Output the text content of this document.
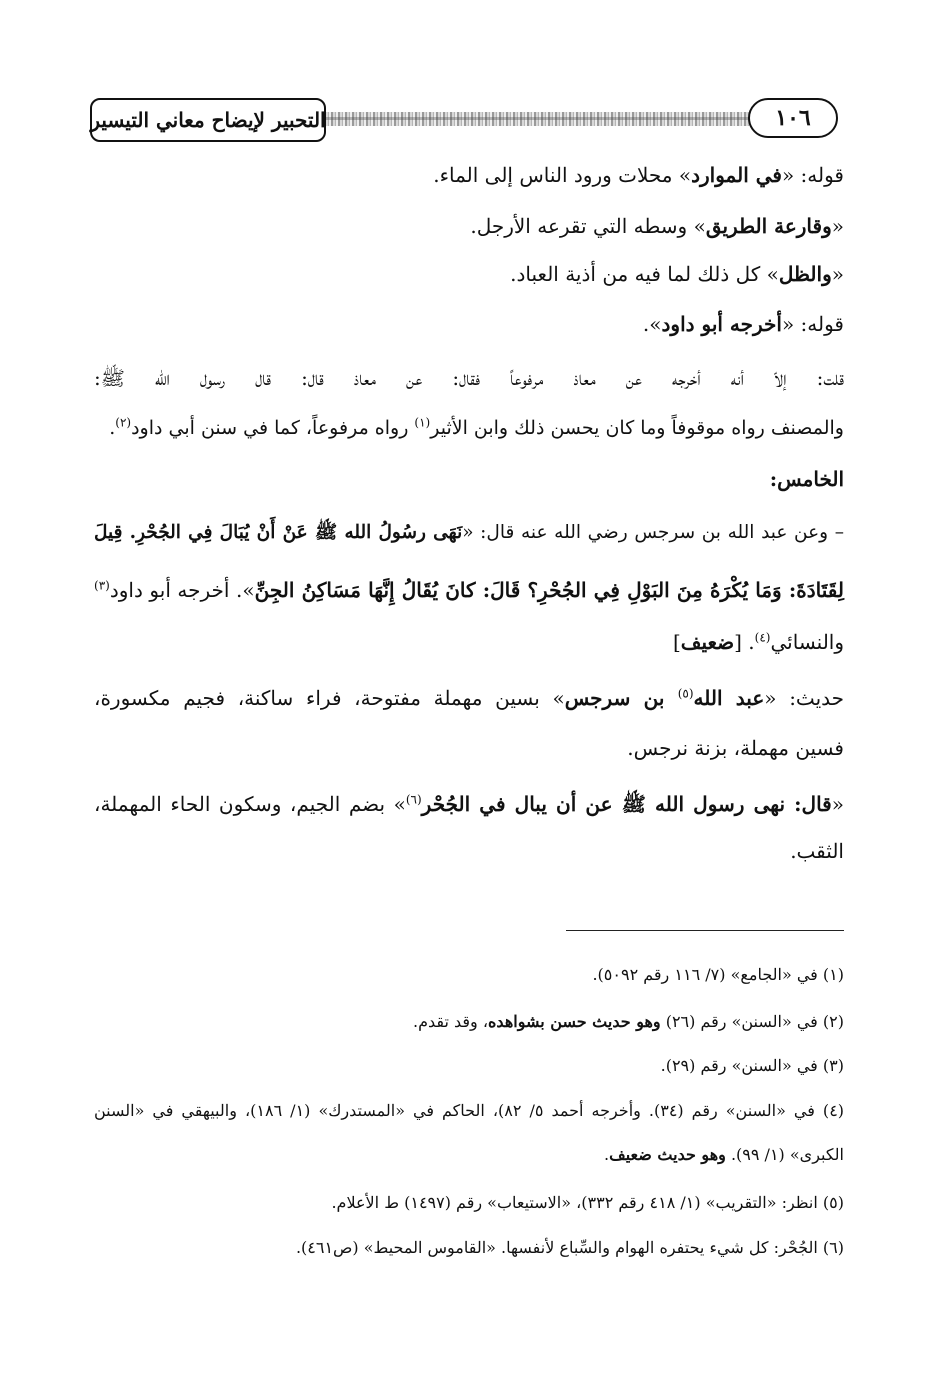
التحبير لإيضاح معاني التيسير	١٠٦
قوله: «في الموارد» محلات ورود الناس إلى الماء.
«وقارعة الطريق» وسطه التي تقرعه الأرجل.
«والظل» كل ذلك لما فيه من أذية العباد.
قوله: «أخرجه أبو داود».
قلت: إلاّ أنه أخرجه عن معاذ مرفوعاً فقال: عن معاذ قال: قال رسول الله ﷺ:
والمصنف رواه موقوفاً وما كان يحسن ذلك وابن الأثير$^{(١)}$ رواه مرفوعاً، كما في سنن أبي داود$^{(٢)}$.
الخامس:
– وعن عبد الله بن سرجس رضي الله عنه قال: «نَهَى رسُولُ الله ﷺ عَنْ أَنْ يُبَالَ فِي الجُحْرِ. قِيلَ
لِقَتَادَةَ: وَمَا يُكْرَهُ مِنَ البَوْلِ فِي الجُحْرِ؟ قَالَ: كانَ يُقَالُ إِنَّهَا مَسَاكِنُ الجِنِّ». أخرجه أبو داود$^{(٣)}$
والنسائي$^{(٤)}$. [ضعيف]
حديث: «عبد الله$^{(٥)}$ بن سرجس» بسين مهملة مفتوحة، فراء ساكنة، فجيم مكسورة،
فسين مهملة، بزنة نرجس.
«قال: نهى رسول الله ﷺ عن أن يبال في الجُحْر$^{(٦)}$» بضم الجيم، وسكون الحاء المهملة،
الثقب.
(١) في «الجامع» (٧/ ١١٦ رقم ٥٠٩٢).
(٢) في «السنن» رقم (٢٦) وهو حديث حسن بشواهده، وقد تقدم.
(٣) في «السنن» رقم (٢٩).
(٤) في «السنن» رقم (٣٤). وأخرجه أحمد ٥/ ٨٢)، الحاكم في «المستدرك» (١/ ١٨٦)، والبيهقي في «السنن
الكبرى» (١/ ٩٩). وهو حديث ضعيف.
(٥) انظر: «التقريب» (١/ ٤١٨ رقم ٣٣٢)، «الاستيعاب» رقم (١٤٩٧) ط الأعلام.
(٦) الجُحْر: كل شيء يحتفره الهوام والسِّباع لأنفسها. «القاموس المحيط» (ص٤٦١).
